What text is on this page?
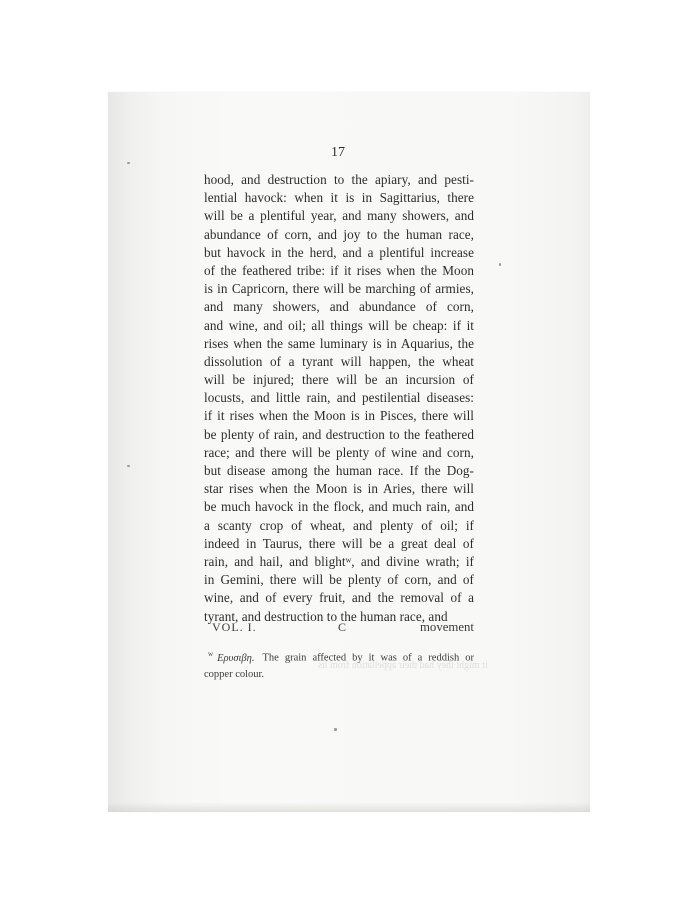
17
hood, and destruction to the apiary, and pesti-
lential havock: when it is in Sagittarius, there
will be a plentiful year, and many showers, and
abundance of corn, and joy to the human race,
but havock in the herd, and a plentiful increase
of the feathered tribe: if it rises when the Moon
is in Capricorn, there will be marching of armies,
and many showers, and abundance of corn,
and wine, and oil; all things will be cheap: if it
rises when the same luminary is in Aquarius, the
dissolution of a tyrant will happen, the wheat
will be injured; there will be an incursion of
locusts, and little rain, and pestilential diseases:
if it rises when the Moon is in Pisces, there will
be plenty of rain, and destruction to the feathered
race; and there will be plenty of wine and corn,
but disease among the human race. If the Dog-
star rises when the Moon is in Aries, there will
be much havock in the flock, and much rain, and
a scanty crop of wheat, and plenty of oil; if
indeed in Taurus, there will be a great deal of
rain, and hail, and blightʷ, and divine wrath; if
in Gemini, there will be plenty of corn, and of
wine, and of every fruit, and the removal of a
tyrant, and destruction to the human race, and
VOL. I.	C	movement
it might they had their appellation from its
$^w$ Ερυσιβη. The grain affected by it was of a reddish or
copper colour.
